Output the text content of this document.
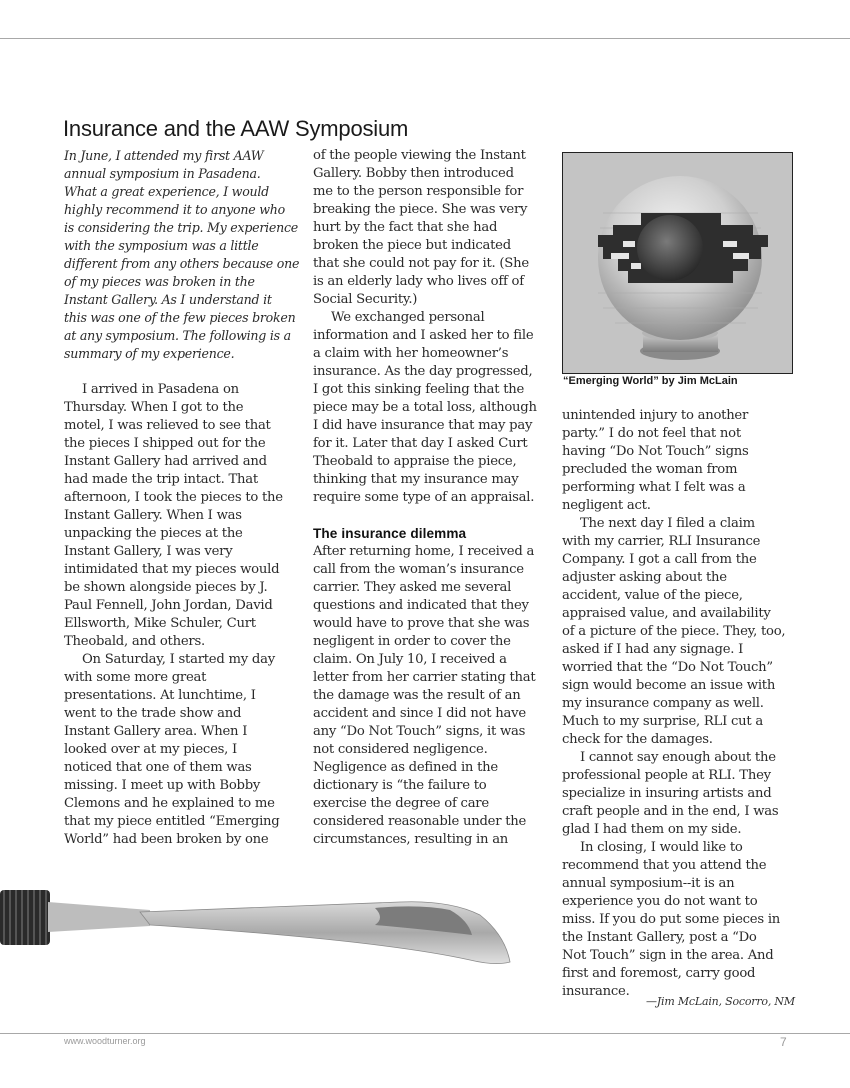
Insurance and the AAW Symposium

In June, I attended my first AAW
annual symposium in Pasadena.
What a great experience, I would
highly recommend it to anyone who
is considering the trip. My experience
with the symposium was a little
different from any others because one
of my pieces was broken in the
Instant Gallery. As I understand it
this was one of the few pieces broken
at any symposium. The following is a
summary of my experience.

I arrived in Pasadena on
Thursday. When I got to the
motel, I was relieved to see that
the pieces I shipped out for the
Instant Gallery had arrived and
had made the trip intact. That
afternoon, I took the pieces to the
Instant Gallery. When I was
unpacking the pieces at the
Instant Gallery, I was very
intimidated that my pieces would
be shown alongside pieces by J.
Paul Fennell, John Jordan, David
Ellsworth, Mike Schuler, Curt
Theobald, and others.

On Saturday, I started my day
with some more great
presentations. At lunchtime, I
went to the trade show and
Instant Gallery area. When I
looked over at my pieces, I
noticed that one of them was
missing. I meet up with Bobby
Clemons and he explained to me
that my piece entitled “Emerging
World” had been broken by one

of the people viewing the Instant
Gallery. Bobby then introduced
me to the person responsible for
breaking the piece. She was very
hurt by the fact that she had
broken the piece but indicated
that she could not pay for it. (She
is an elderly lady who lives off of
Social Security.)

We exchanged personal
information and I asked her to file
a claim with her homeowner’s
insurance. As the day progressed,
I got this sinking feeling that the
piece may be a total loss, although
I did have insurance that may pay
for it. Later that day I asked Curt
Theobald to appraise the piece,
thinking that my insurance may
require some type of an appraisal.

The insurance dilemma

After returning home, I received a
call from the woman’s insurance
carrier. They asked me several
questions and indicated that they
would have to prove that she was
negligent in order to cover the
claim. On July 10, I received a
letter from her carrier stating that
the damage was the result of an
accident and since I did not have
any “Do Not Touch” signs, it was
not considered negligence.
Negligence as defined in the
dictionary is “the failure to
exercise the degree of care
considered reasonable under the
circumstances, resulting in an

“Emerging World” by Jim McLain

unintended injury to another
party.” I do not feel that not
having “Do Not Touch” signs
precluded the woman from
performing what I felt was a
negligent act.

The next day I filed a claim
with my carrier, RLI Insurance
Company. I got a call from the
adjuster asking about the
accident, value of the piece,
appraised value, and availability
of a picture of the piece. They, too,
asked if I had any signage. I
worried that the “Do Not Touch”
sign would become an issue with
my insurance company as well.
Much to my surprise, RLI cut a
check for the damages.

I cannot say enough about the
professional people at RLI. They
specialize in insuring artists and
craft people and in the end, I was
glad I had them on my side.

In closing, I would like to
recommend that you attend the
annual symposium--it is an
experience you do not want to
miss. If you do put some pieces in
the Instant Gallery, post a “Do
Not Touch” sign in the area. And
first and foremost, carry good
insurance.

—Jim McLain, Socorro, NM
www.woodturner.org	7
